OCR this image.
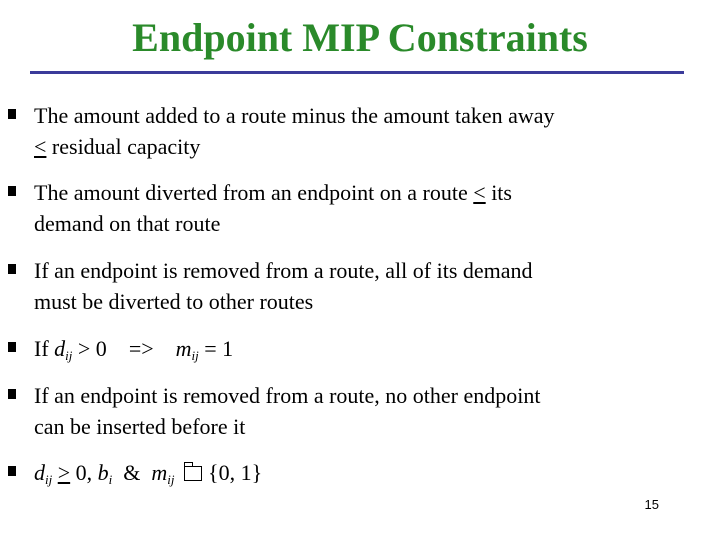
Endpoint MIP Constraints
The amount added to a route minus the amount taken away
< residual capacity
The amount diverted from an endpoint on a route < its
demand on that route
If an endpoint is removed from a route, all of its demand
must be diverted to other routes
If $d_{ij} > 0 => m_{ij} = 1$
If an endpoint is removed from a route, no other endpoint
can be inserted before it
$d_{ij} \ge 0$, $b_i$ & $m_{ij}$ {0, 1}
15
